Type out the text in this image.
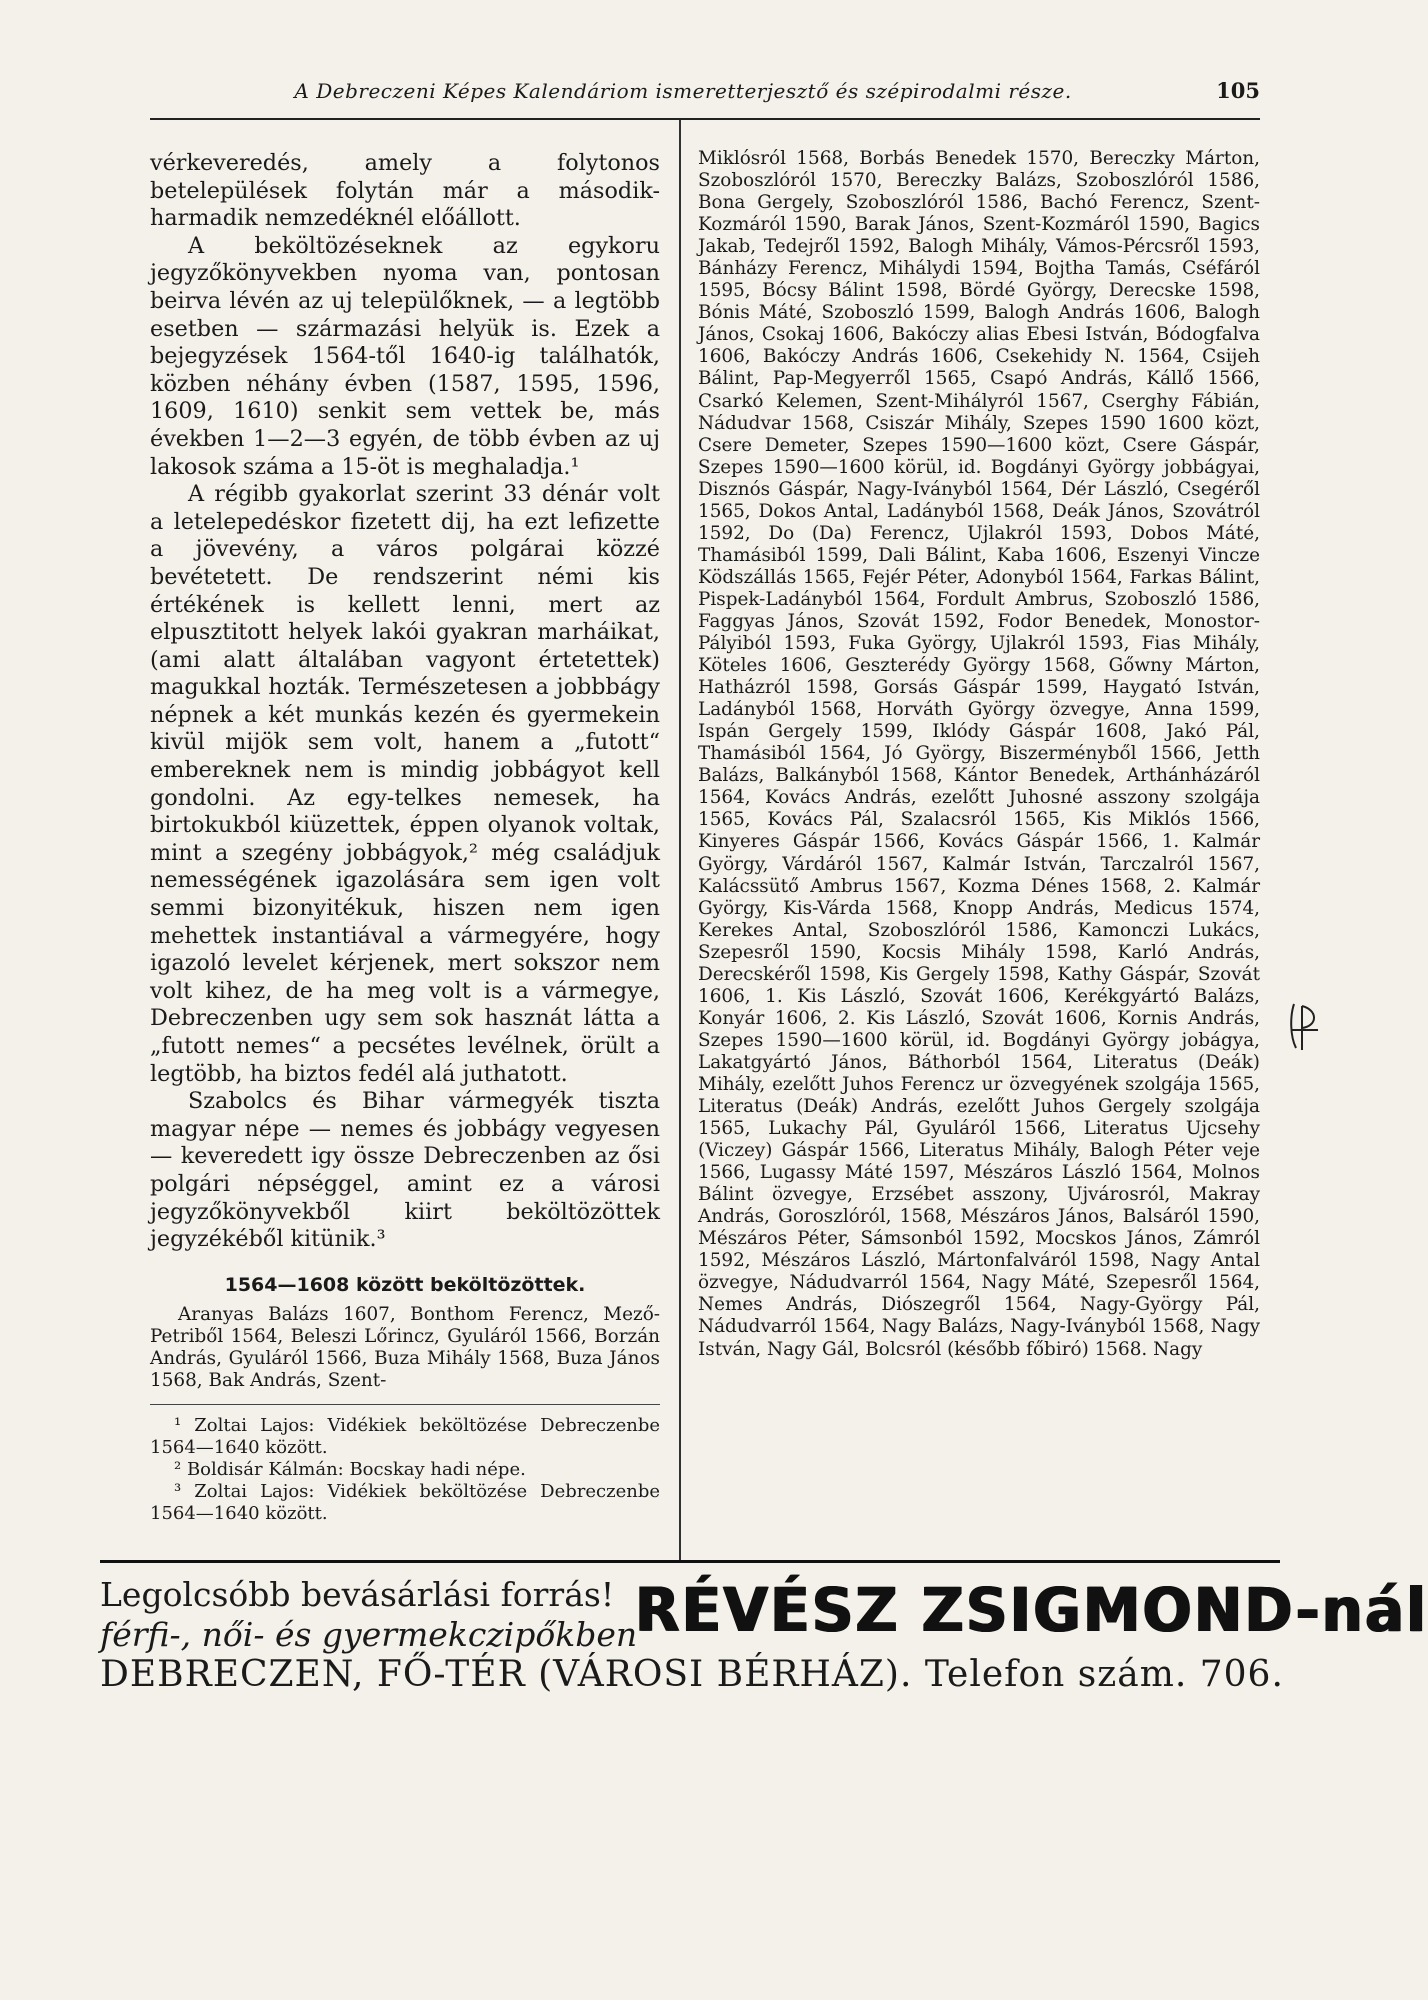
A Debreczeni Képes Kalendáriom ismeretterjesztő és szépirodalmi része.	105

vérkeveredés, amely a folytonos betelepülések folytán már a második-harmadik nemzedéknél előállott.

A beköltözéseknek az egykoru jegyzőkönyvekben nyoma van, pontosan beirva lévén az uj települőknek, — a legtöbb esetben — származási helyük is. Ezek a bejegyzések 1564-től 1640-ig találhatók, közben néhány évben (1587, 1595, 1596, 1609, 1610) senkit sem vettek be, más években 1—2—3 egyén, de több évben az uj lakosok száma a 15-öt is meghaladja.¹

A régibb gyakorlat szerint 33 dénár volt a letelepedéskor fizetett dij, ha ezt lefizette a jövevény, a város polgárai közzé bevétetett. De rendszerint némi kis értékének is kellett lenni, mert az elpusztitott helyek lakói gyakran marháikat, (ami alatt általában vagyont értetettek) magukkal hozták. Természetesen a jobbbágy népnek a két munkás kezén és gyermekein kivül mijök sem volt, hanem a „futott“ embereknek nem is mindig jobbágyot kell gondolni. Az egy-telkes nemesek, ha birtokukból kiüzettek, éppen olyanok voltak, mint a szegény jobbágyok,² még családjuk nemességének igazolására sem igen volt semmi bizonyitékuk, hiszen nem igen mehettek instantiával a vármegyére, hogy igazoló levelet kérjenek, mert sokszor nem volt kihez, de ha meg volt is a vármegye, Debreczenben ugy sem sok hasznát látta a „futott nemes“ a pecsétes levélnek, örült a legtöbb, ha biztos fedél alá juthatott.

Szabolcs és Bihar vármegyék tiszta magyar népe — nemes és jobbágy vegyesen — keveredett igy össze Debreczenben az ősi polgári népséggel, amint ez a városi jegyzőkönyvekből kiirt beköltözöttek jegyzékéből kitünik.³

1564—1608 között beköltözöttek.

Aranyas Balázs 1607, Bonthom Ferencz, Mező-Petriből 1564, Beleszi Lőrincz, Gyuláról 1566, Borzán András, Gyuláról 1566, Buza Mihály 1568, Buza János 1568, Bak András, Szent-

¹ Zoltai Lajos: Vidékiek beköltözése Debreczenbe 1564—1640 között.

² Boldisár Kálmán: Bocskay hadi népe.

³ Zoltai Lajos: Vidékiek beköltözése Debreczenbe 1564—1640 között.

Miklósról 1568, Borbás Benedek 1570, Bereczky Márton, Szoboszlóról 1570, Bereczky Balázs, Szoboszlóról 1586, Bona Gergely, Szoboszlóról 1586, Bachó Ferencz, Szent-Kozmáról 1590, Barak János, Szent-Kozmáról 1590, Bagics Jakab, Tedejről 1592, Balogh Mihály, Vámos-Pércsről 1593, Bánházy Ferencz, Mihálydi 1594, Bojtha Tamás, Cséfáról 1595, Bócsy Bálint 1598, Bördé György, Derecske 1598, Bónis Máté, Szoboszló 1599, Balogh András 1606, Balogh János, Csokaj 1606, Bakóczy alias Ebesi István, Bódogfalva 1606, Bakóczy András 1606, Csekehidy N. 1564, Csijeh Bálint, Pap-Megyerről 1565, Csapó András, Kállő 1566, Csarkó Kelemen, Szent-Mihályról 1567, Cserghy Fábián, Nádudvar 1568, Csiszár Mihály, Szepes 1590 1600 közt, Csere Demeter, Szepes 1590—1600 közt, Csere Gáspár, Szepes 1590—1600 körül, id. Bogdányi György jobbágyai, Disznós Gáspár, Nagy-Iványból 1564, Dér László, Csegéről 1565, Dokos Antal, Ladányból 1568, Deák János, Szovátról 1592, Do (Da) Ferencz, Ujlakról 1593, Dobos Máté, Thamásiból 1599, Dali Bálint, Kaba 1606, Eszenyi Vincze Ködszállás 1565, Fejér Péter, Adonyból 1564, Farkas Bálint, Pispek-Ladányból 1564, Fordult Ambrus, Szoboszló 1586, Faggyas János, Szovát 1592, Fodor Benedek, Monostor-Pályiból 1593, Fuka György, Ujlakról 1593, Fias Mihály, Köteles 1606, Geszterédy György 1568, Gőwny Márton, Hatházról 1598, Gorsás Gáspár 1599, Haygató István, Ladányból 1568, Horváth György özvegye, Anna 1599, Ispán Gergely 1599, Iklódy Gáspár 1608, Jakó Pál, Thamásiból 1564, Jó György, Biszerményből 1566, Jetth Balázs, Balkányból 1568, Kántor Benedek, Arthánházáról 1564, Kovács András, ezelőtt Juhosné asszony szolgája 1565, Kovács Pál, Szalacsról 1565, Kis Miklós 1566, Kinyeres Gáspár 1566, Kovács Gáspár 1566, 1. Kalmár György, Várdáról 1567, Kalmár István, Tarczalról 1567, Kalácssütő Ambrus 1567, Kozma Dénes 1568, 2. Kalmár György, Kis-Várda 1568, Knopp András, Medicus 1574, Kerekes Antal, Szoboszlóról 1586, Kamonczi Lukács, Szepesről 1590, Kocsis Mihály 1598, Karló András, Derecskéről 1598, Kis Gergely 1598, Kathy Gáspár, Szovát 1606, 1. Kis László, Szovát 1606, Kerékgyártó Balázs, Konyár 1606, 2. Kis László, Szovát 1606, Kornis András, Szepes 1590—1600 körül, id. Bogdányi György jobágya, Lakatgyártó János, Báthorból 1564, Literatus (Deák) Mihály, ezelőtt Juhos Ferencz ur özvegyének szolgája 1565, Literatus (Deák) András, ezelőtt Juhos Gergely szolgája 1565, Lukachy Pál, Gyuláról 1566, Literatus Ujcsehy (Viczey) Gáspár 1566, Literatus Mihály, Balogh Péter veje 1566, Lugassy Máté 1597, Mészáros László 1564, Molnos Bálint özvegye, Erzsébet asszony, Ujvárosról, Makray András, Goroszlóról, 1568, Mészáros János, Balsáról 1590, Mészáros Péter, Sámsonból 1592, Mocskos János, Zámról 1592, Mészáros László, Mártonfalváról 1598, Nagy Antal özvegye, Nádudvarról 1564, Nagy Máté, Szepesről 1564, Nemes András, Diószegről 1564, Nagy-György Pál, Nádudvarról 1564, Nagy Balázs, Nagy-Iványból 1568, Nagy István, Nagy Gál, Bolcsról (később főbiró) 1568. Nagy

Legolcsóbb bevásárlási forrás!
férfi-, női- és gyermekczipőkben
DEBRECZEN, FŐ-TÉR (VÁROSI BÉRHÁZ). Telefon szám. 706.
RÉVÉSZ ZSIGMOND-nál
